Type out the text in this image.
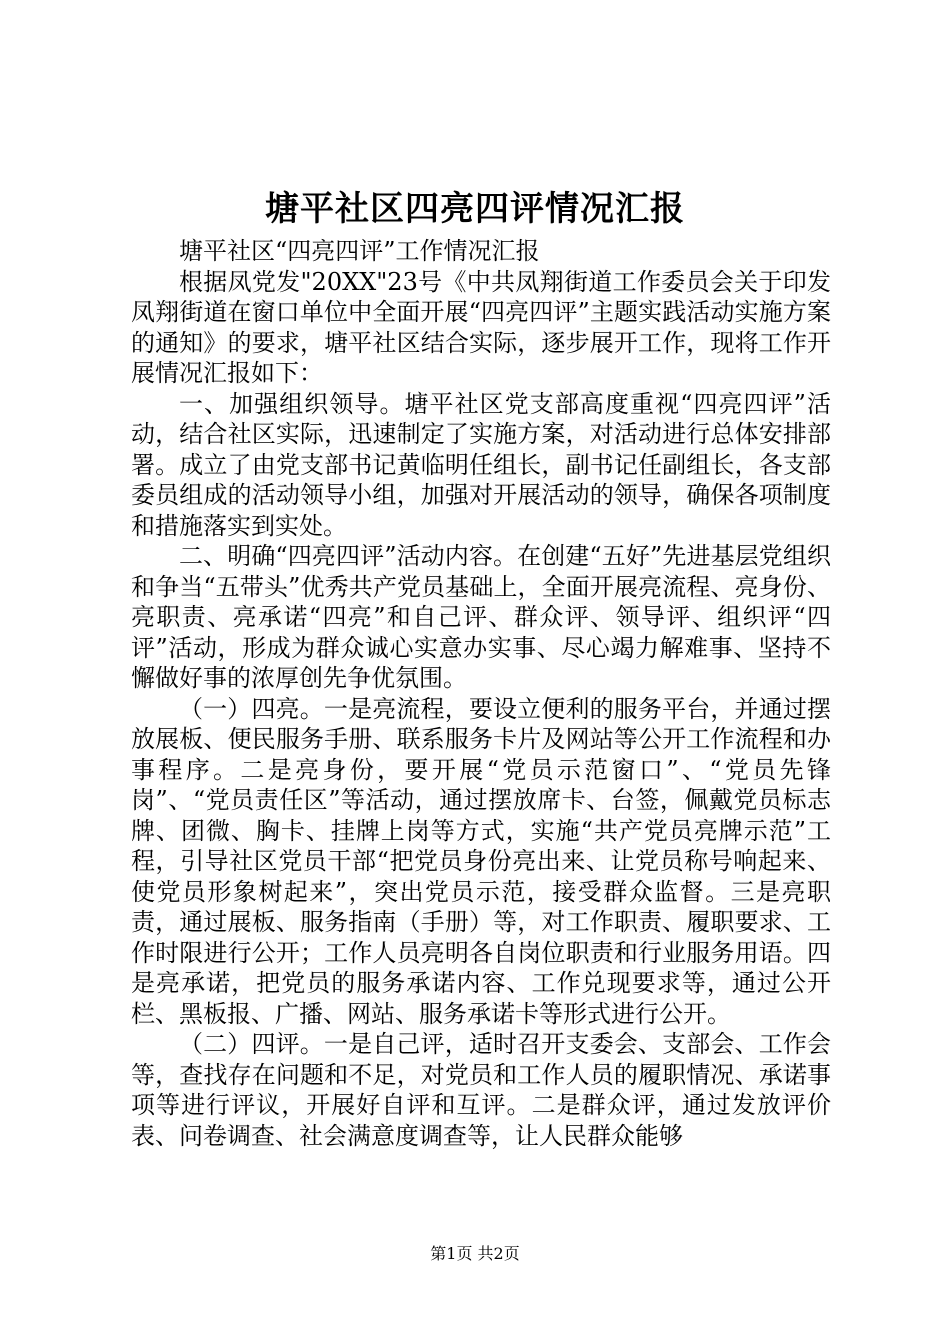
塘平社区四亮四评情况汇报

塘平社区“四亮四评”工作情况汇报

根据凤党发"20XX"23号《中共凤翔街道工作委员会关于印发凤翔街道在窗口单位中全面开展“四亮四评”主题实践活动实施方案的通知》的要求，塘平社区结合实际，逐步展开工作，现将工作开展情况汇报如下：

一、加强组织领导。塘平社区党支部高度重视“四亮四评”活动，结合社区实际，迅速制定了实施方案，对活动进行总体安排部署。成立了由党支部书记黄临明任组长，副书记任副组长，各支部委员组成的活动领导小组，加强对开展活动的领导，确保各项制度和措施落实到实处。

二、明确“四亮四评”活动内容。在创建“五好”先进基层党组织和争当“五带头”优秀共产党员基础上，全面开展亮流程、亮身份、亮职责、亮承诺“四亮”和自己评、群众评、领导评、组织评“四评”活动，形成为群众诚心实意办实事、尽心竭力解难事、坚持不懈做好事的浓厚创先争优氛围。

（一）四亮。一是亮流程，要设立便利的服务平台，并通过摆放展板、便民服务手册、联系服务卡片及网站等公开工作流程和办事程序。二是亮身份，要开展“党员示范窗口”、“党员先锋岗”、“党员责任区”等活动，通过摆放席卡、台签，佩戴党员标志牌、团微、胸卡、挂牌上岗等方式，实施“共产党员亮牌示范”工程，引导社区党员干部“把党员身份亮出来、让党员称号响起来、使党员形象树起来”，突出党员示范，接受群众监督。三是亮职责，通过展板、服务指南（手册）等，对工作职责、履职要求、工作时限进行公开；工作人员亮明各自岗位职责和行业服务用语。四是亮承诺，把党员的服务承诺内容、工作兑现要求等，通过公开栏、黑板报、广播、网站、服务承诺卡等形式进行公开。

（二）四评。一是自己评，适时召开支委会、支部会、工作会等，查找存在问题和不足，对党员和工作人员的履职情况、承诺事项等进行评议，开展好自评和互评。二是群众评，通过发放评价表、问卷调查、社会满意度调查等，让人民群众能够

第1页 共2页
